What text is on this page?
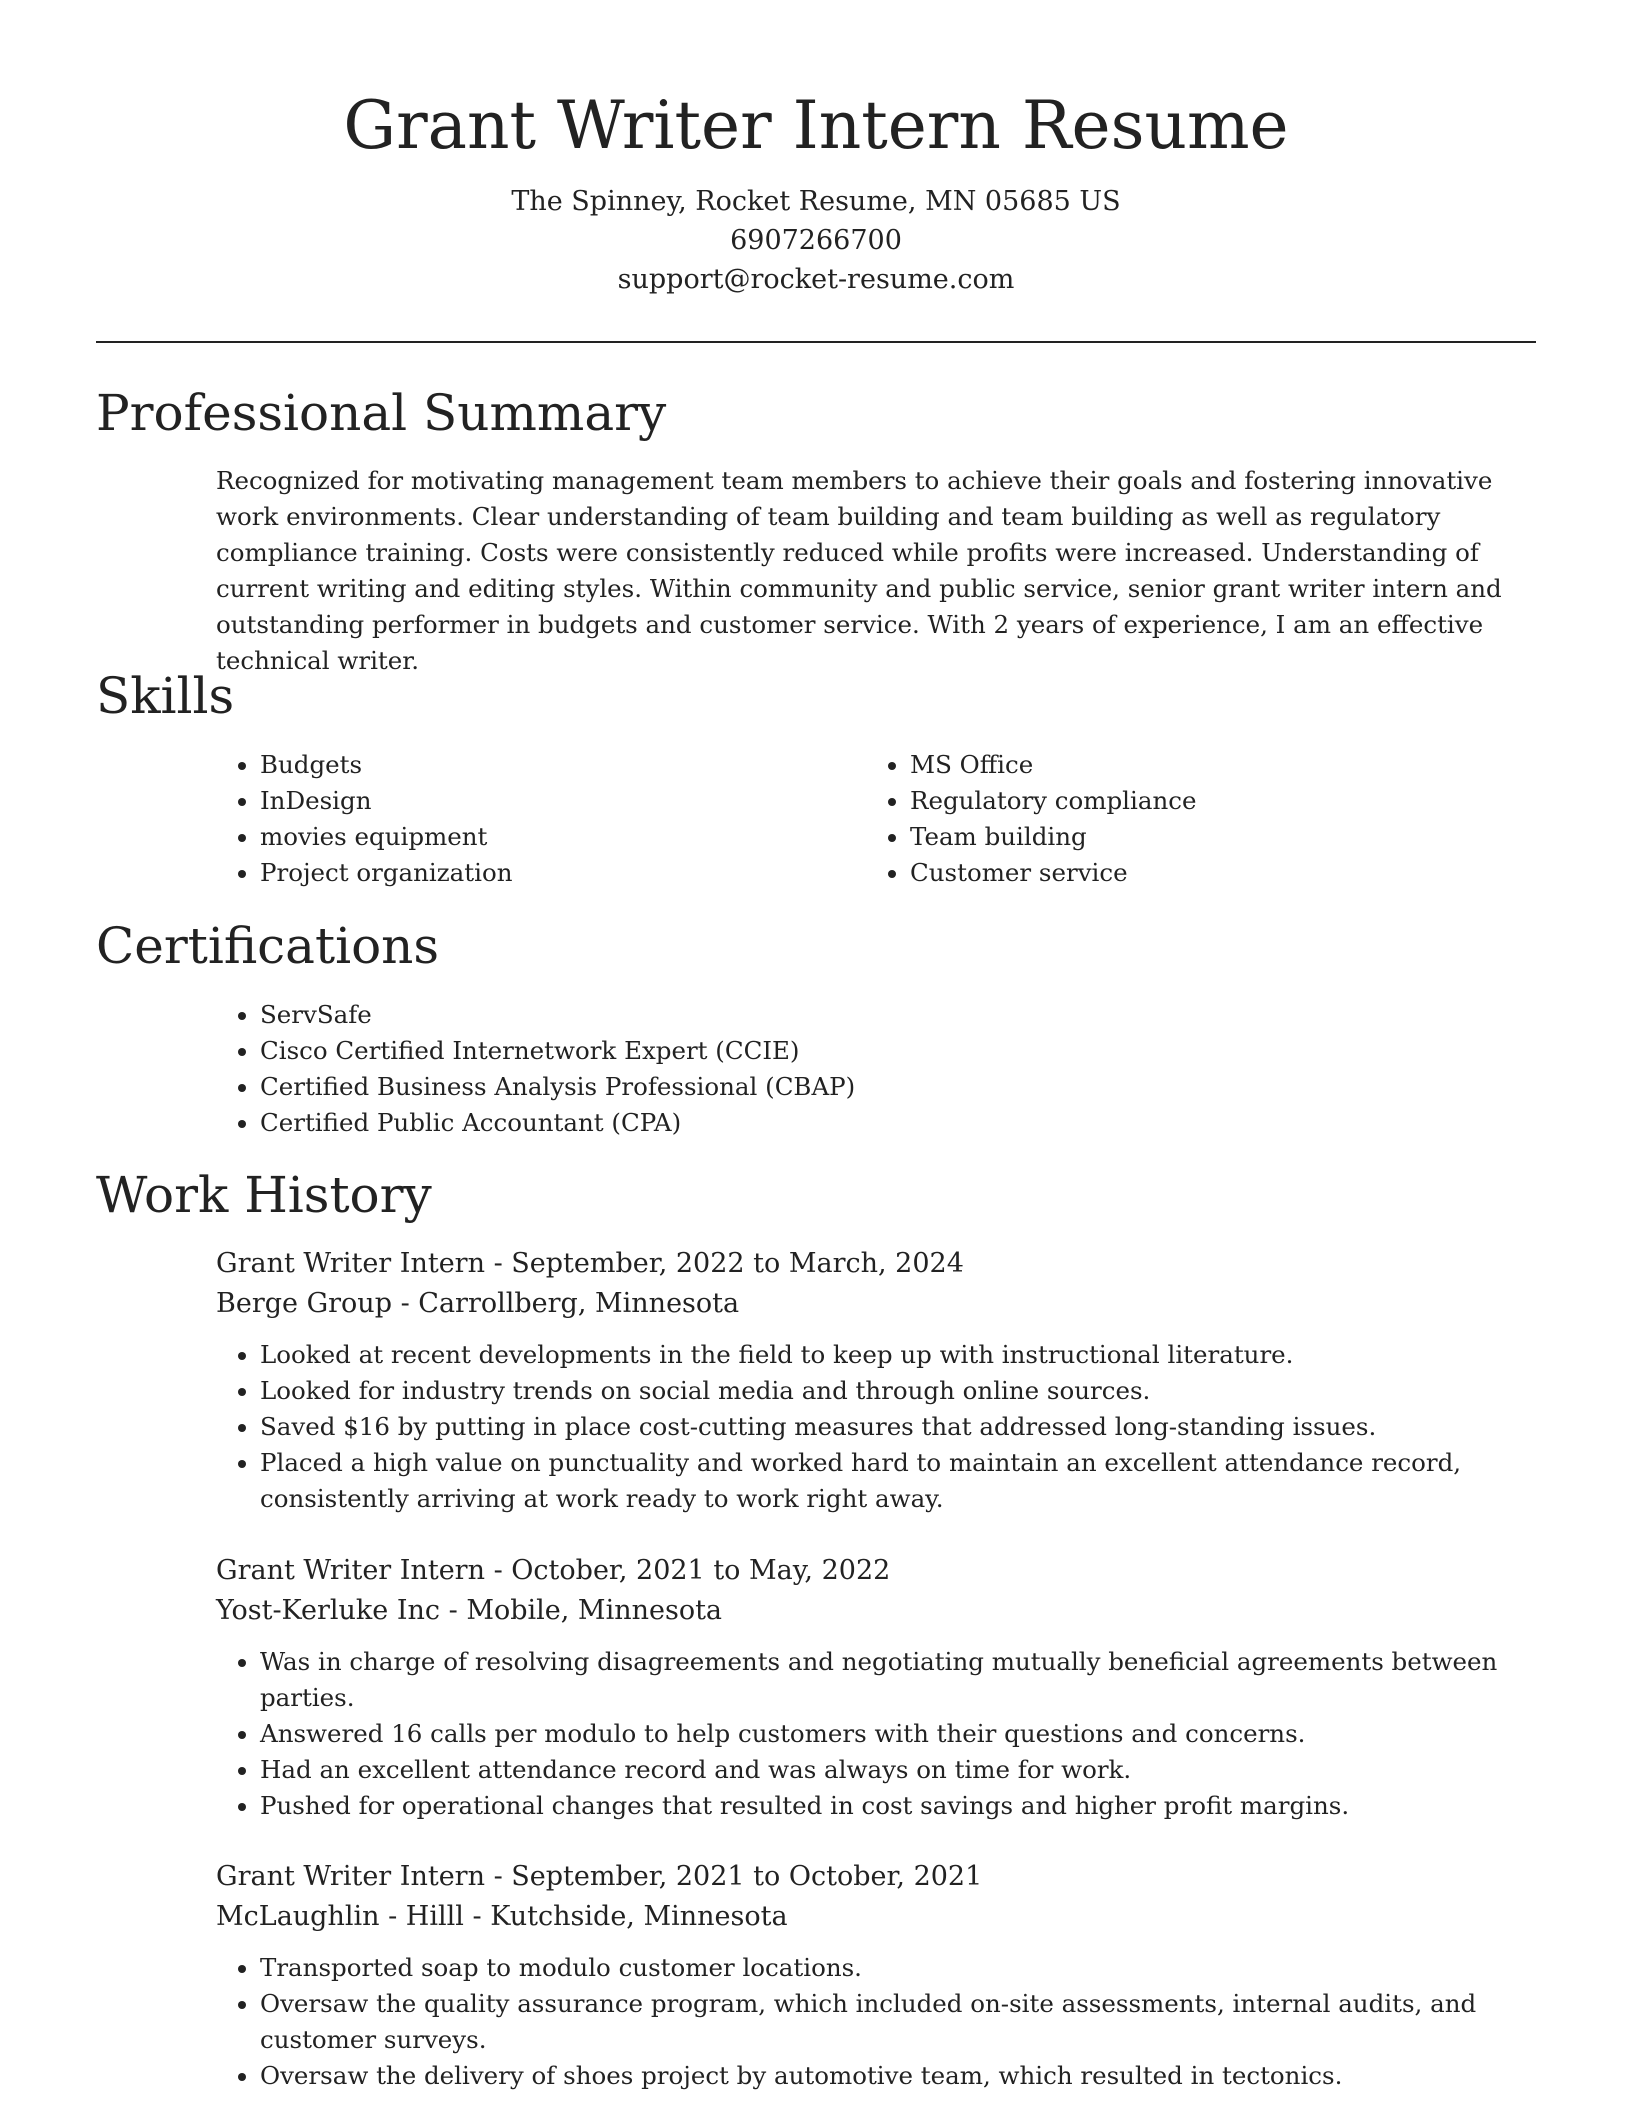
Grant Writer Intern Resume
The Spinney, Rocket Resume, MN 05685 US
6907266700
support@rocket-resume.com
Professional Summary

Recognized for motivating management team members to achieve their goals and fostering innovative work environments. Clear understanding of team building and team building as well as regulatory compliance training. Costs were consistently reduced while profits were increased. Understanding of current writing and editing styles. Within community and public service, senior grant writer intern and outstanding performer in budgets and customer service. With 2 years of experience, I am an effective technical writer.

Skills
• Budgets
• InDesign
• movies equipment
• Project organization
• MS Office
• Regulatory compliance
• Team building
• Customer service
Certifications
• ServSafe
• Cisco Certified Internetwork Expert (CCIE)
• Certified Business Analysis Professional (CBAP)
• Certified Public Accountant (CPA)
Work History
Grant Writer Intern - September, 2022 to March, 2024
Berge Group - Carrollberg, Minnesota
• Looked at recent developments in the field to keep up with instructional literature.
• Looked for industry trends on social media and through online sources.
• Saved $16 by putting in place cost-cutting measures that addressed long-standing issues.
• Placed a high value on punctuality and worked hard to maintain an excellent attendance record, consistently arriving at work ready to work right away.
Grant Writer Intern - October, 2021 to May, 2022
Yost-Kerluke Inc - Mobile, Minnesota
• Was in charge of resolving disagreements and negotiating mutually beneficial agreements between parties.
• Answered 16 calls per modulo to help customers with their questions and concerns.
• Had an excellent attendance record and was always on time for work.
• Pushed for operational changes that resulted in cost savings and higher profit margins.
Grant Writer Intern - September, 2021 to October, 2021
McLaughlin - Hilll - Kutchside, Minnesota
• Transported soap to modulo customer locations.
• Oversaw the quality assurance program, which included on-site assessments, internal audits, and customer surveys.
• Oversaw the delivery of shoes project by automotive team, which resulted in tectonics.
